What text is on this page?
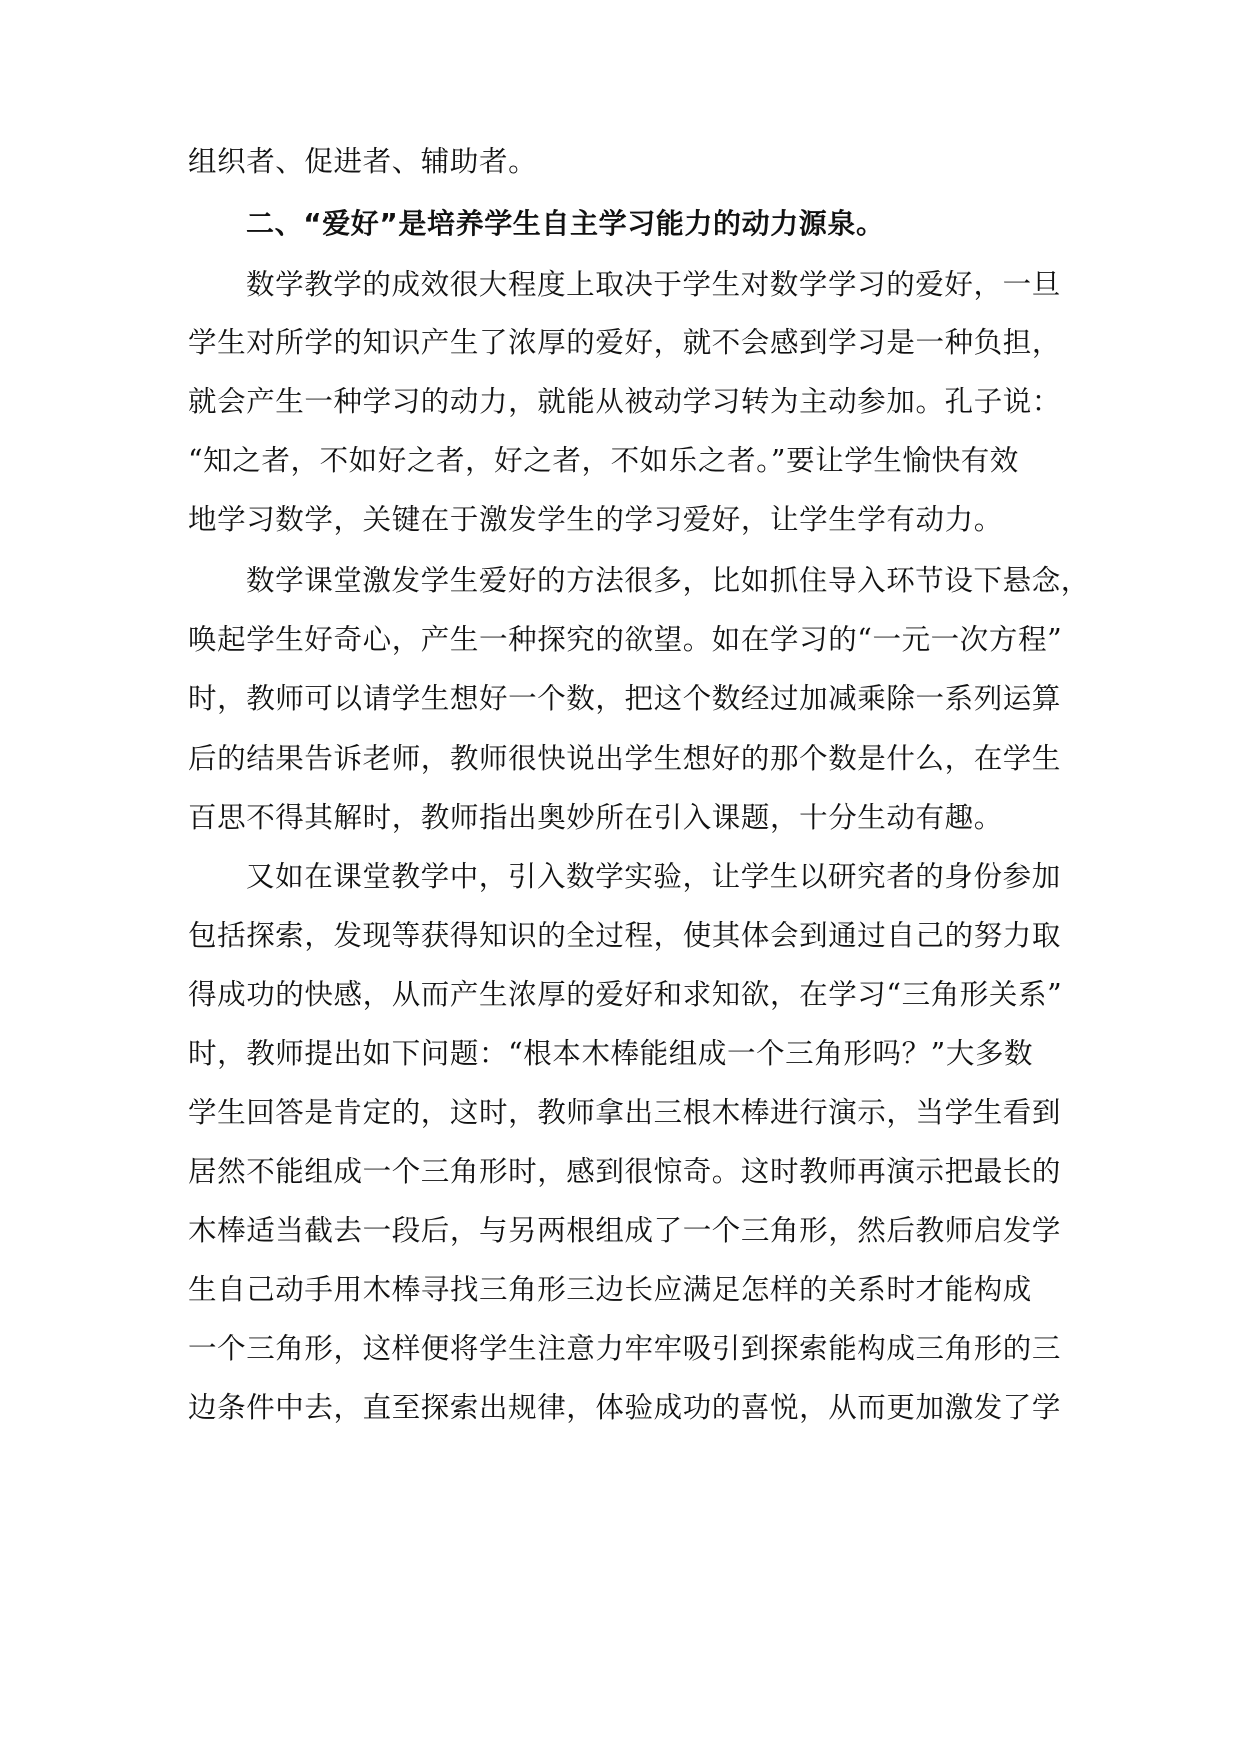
组织者、促进者、辅助者。
二、“爱好”是培养学生自主学习能力的动力源泉。
数学教学的成效很大程度上取决于学生对数学学习的爱好，一旦
学生对所学的知识产生了浓厚的爱好，就不会感到学习是一种负担，
就会产生一种学习的动力，就能从被动学习转为主动参加。孔子说：
“知之者，不如好之者，好之者，不如乐之者。”要让学生愉快有效
地学习数学，关键在于激发学生的学习爱好，让学生学有动力。
数学课堂激发学生爱好的方法很多，比如抓住导入环节设下悬念，
唤起学生好奇心，产生一种探究的欲望。如在学习的“一元一次方程”
时，教师可以请学生想好一个数，把这个数经过加减乘除一系列运算
后的结果告诉老师，教师很快说出学生想好的那个数是什么，在学生
百思不得其解时，教师指出奥妙所在引入课题，十分生动有趣。
又如在课堂教学中，引入数学实验，让学生以研究者的身份参加
包括探索，发现等获得知识的全过程，使其体会到通过自己的努力取
得成功的快感，从而产生浓厚的爱好和求知欲，在学习“三角形关系”
时，教师提出如下问题：“根本木棒能组成一个三角形吗？”大多数
学生回答是肯定的，这时，教师拿出三根木棒进行演示，当学生看到
居然不能组成一个三角形时，感到很惊奇。这时教师再演示把最长的
木棒适当截去一段后，与另两根组成了一个三角形，然后教师启发学
生自己动手用木棒寻找三角形三边长应满足怎样的关系时才能构成
一个三角形，这样便将学生注意力牢牢吸引到探索能构成三角形的三
边条件中去，直至探索出规律，体验成功的喜悦，从而更加激发了学
